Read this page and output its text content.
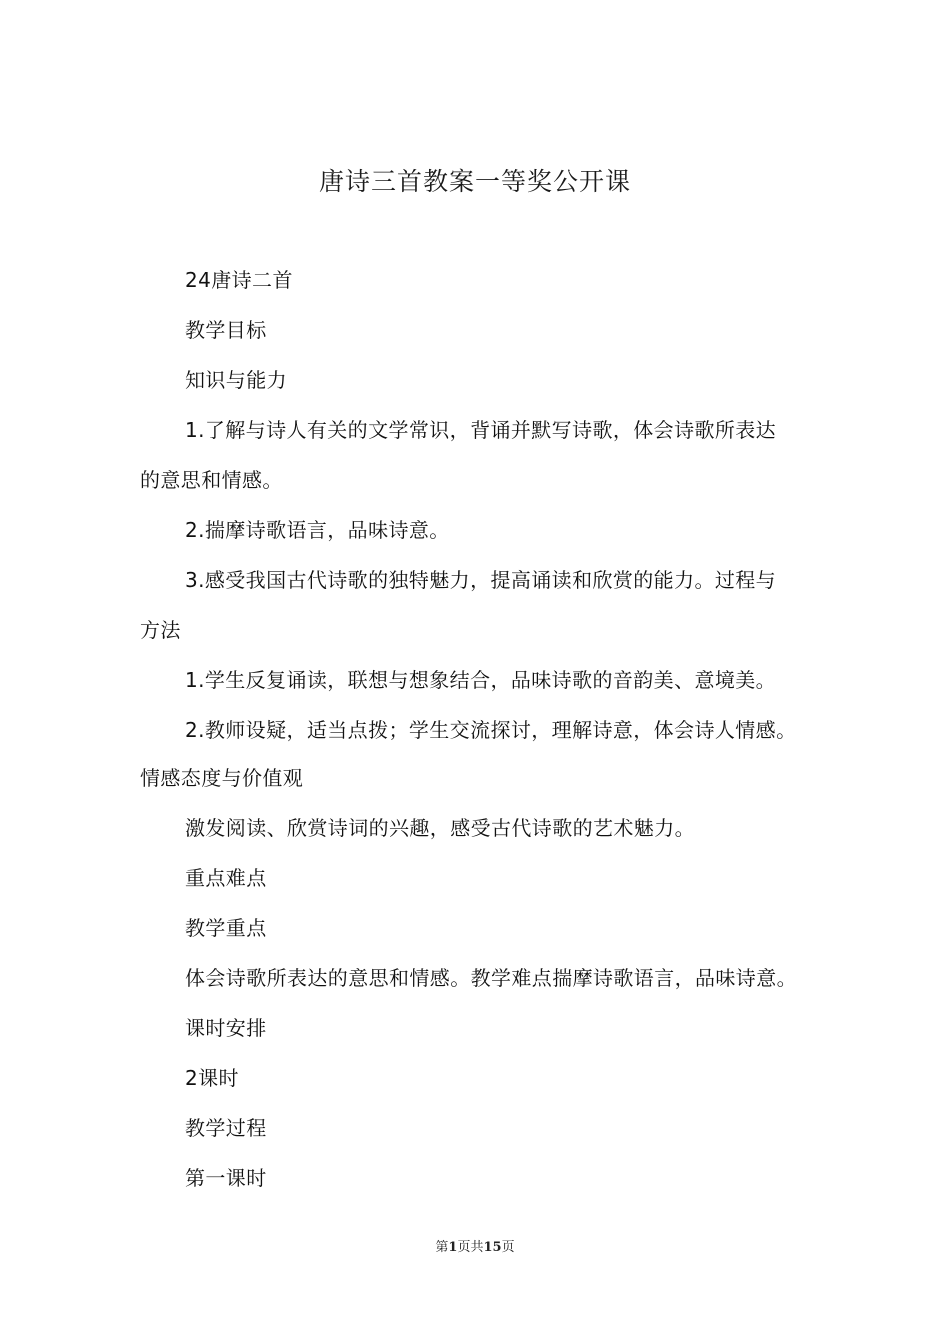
唐诗三首教案一等奖公开课
24唐诗二首
教学目标
知识与能力
1.了解与诗人有关的文学常识，背诵并默写诗歌，体会诗歌所表达
的意思和情感。
2.揣摩诗歌语言，品味诗意。
3.感受我国古代诗歌的独特魅力，提高诵读和欣赏的能力。过程与
方法
1.学生反复诵读，联想与想象结合，品味诗歌的音韵美、意境美。
2.教师设疑，适当点拨；学生交流探讨，理解诗意，体会诗人情感。
情感态度与价值观
激发阅读、欣赏诗词的兴趣，感受古代诗歌的艺术魅力。
重点难点
教学重点
体会诗歌所表达的意思和情感。教学难点揣摩诗歌语言，品味诗意。
课时安排
2课时
教学过程
第一课时
第1页共15页
